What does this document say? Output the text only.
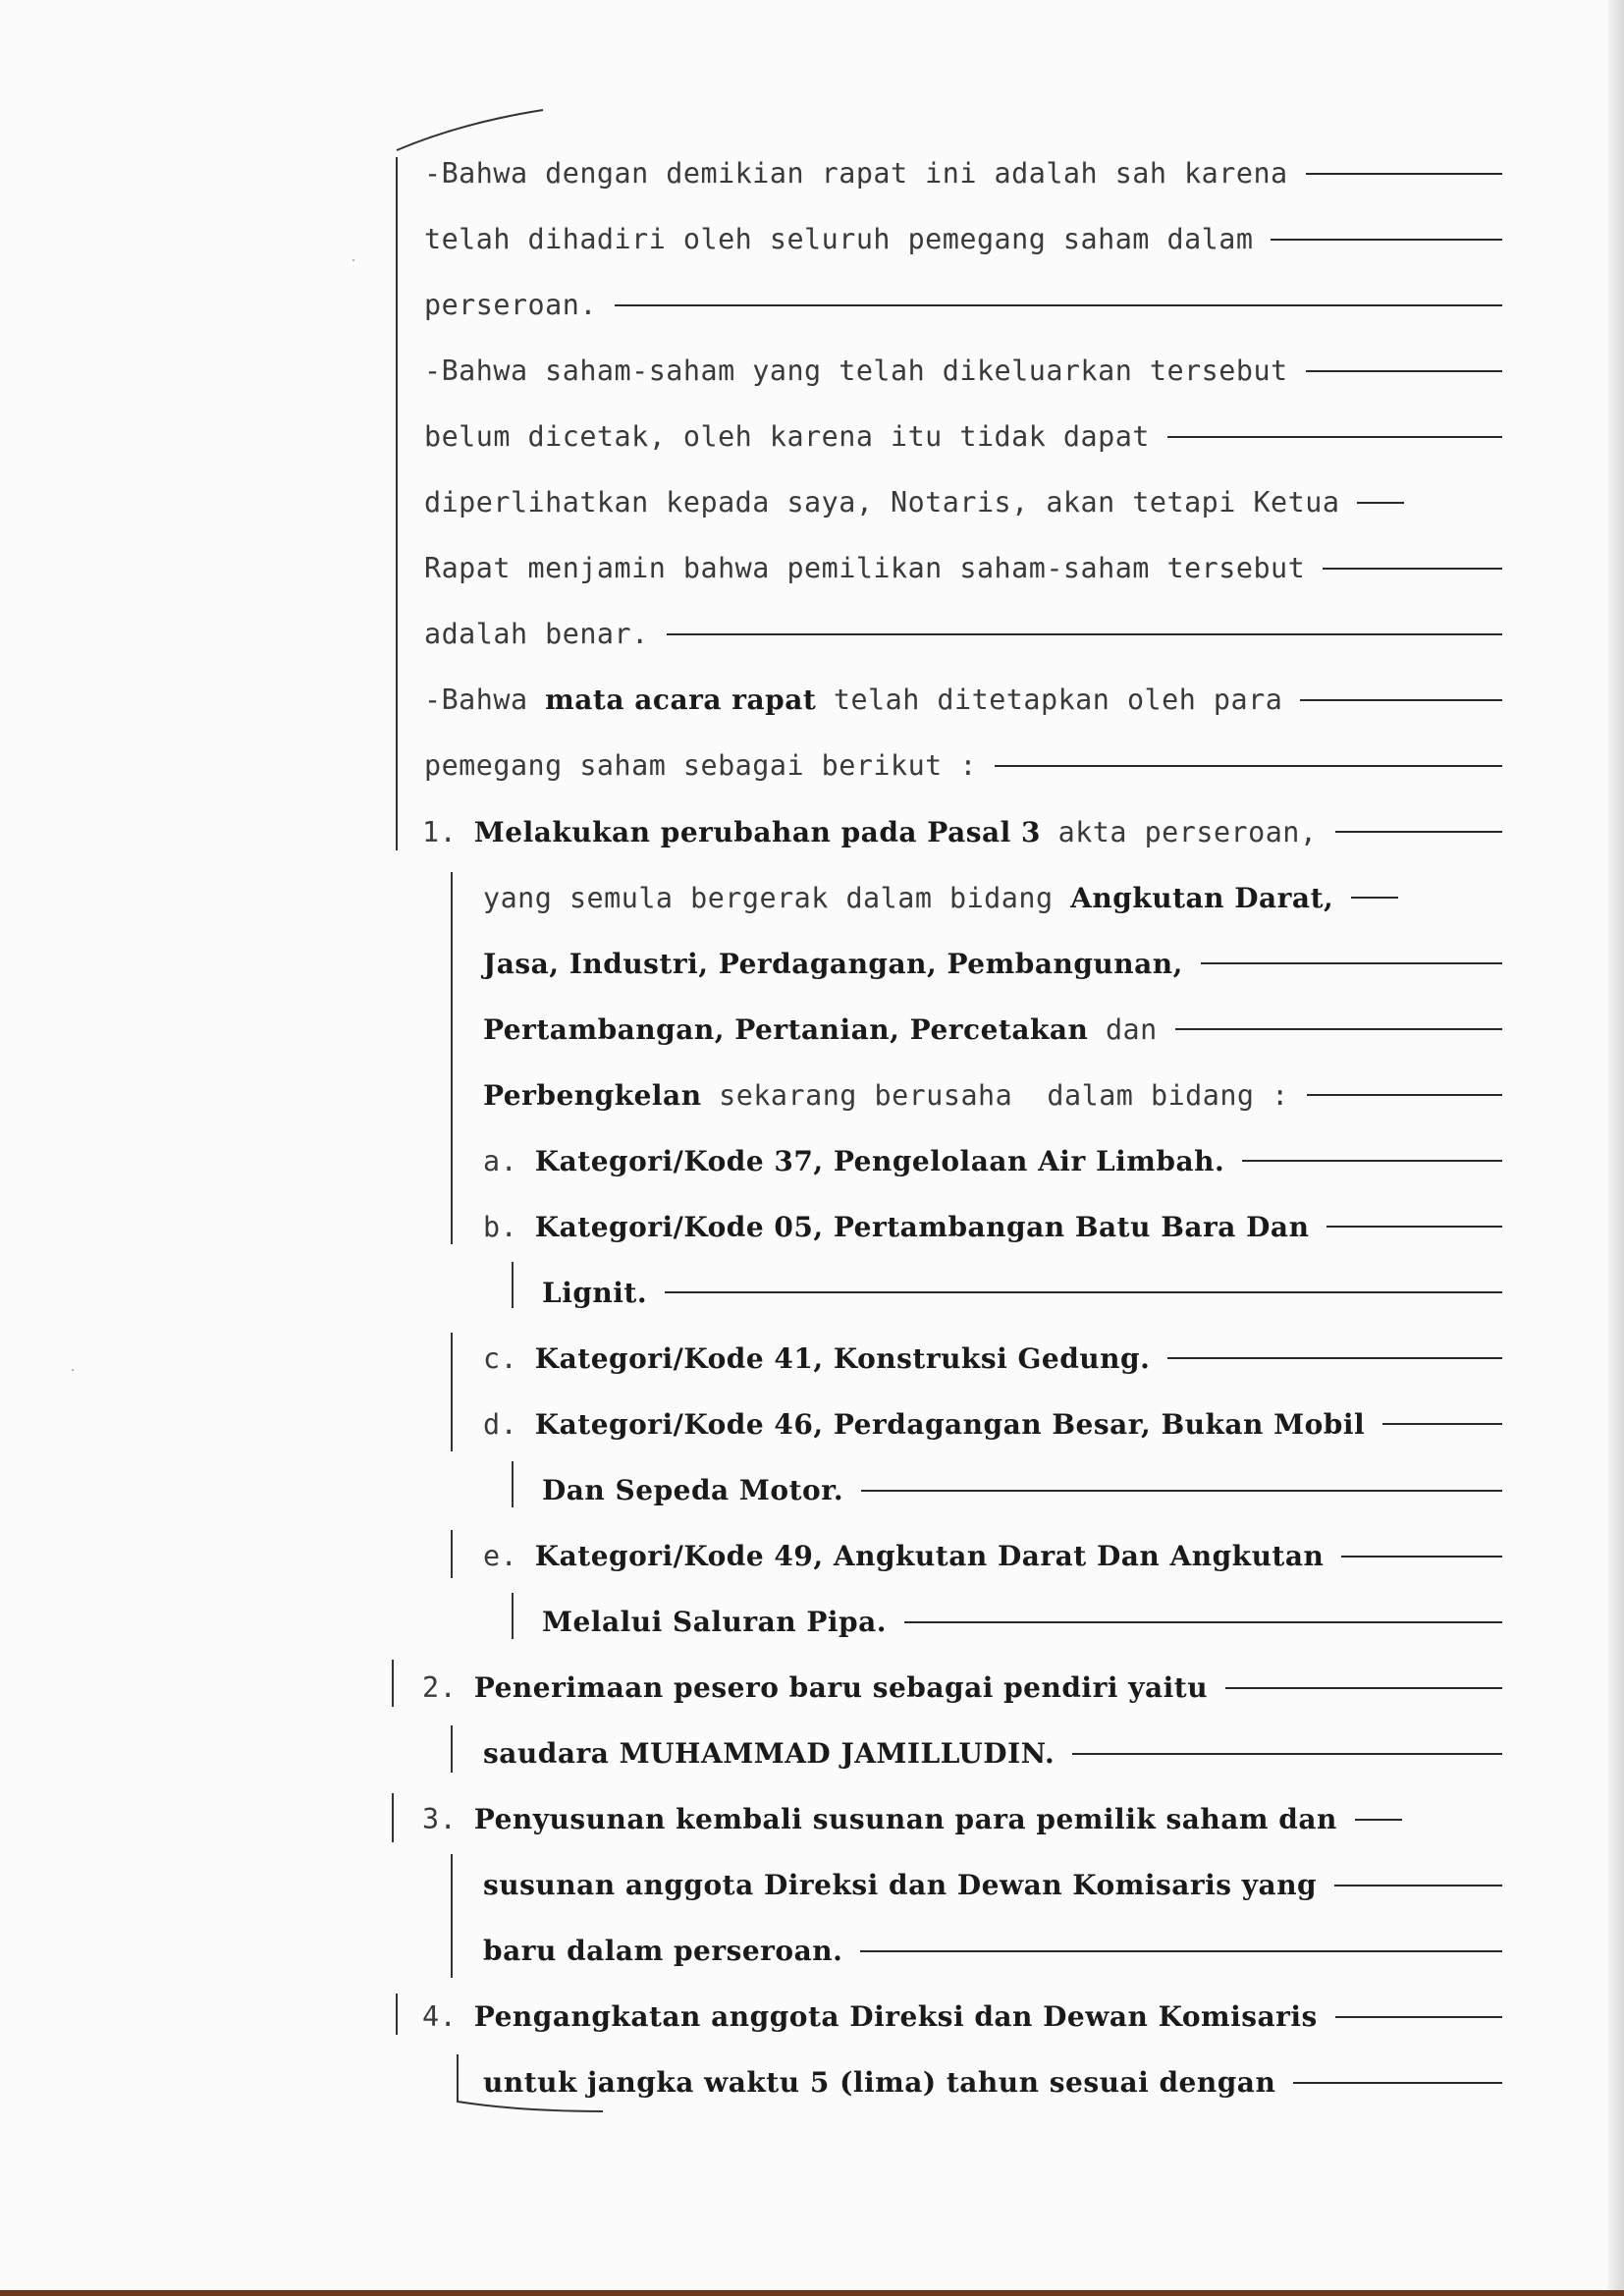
-Bahwa dengan demikian rapat ini adalah sah karena
telah dihadiri oleh seluruh pemegang saham dalam
perseroan.
-Bahwa saham-saham yang telah dikeluarkan tersebut
belum dicetak, oleh karena itu tidak dapat
diperlihatkan kepada saya, Notaris, akan tetapi Ketua
Rapat menjamin bahwa pemilikan saham-saham tersebut
adalah benar.
-Bahwa mata acara rapat telah ditetapkan oleh para
pemegang saham sebagai berikut :
1. Melakukan perubahan pada Pasal 3 akta perseroan,
yang semula bergerak dalam bidang Angkutan Darat,
Jasa, Industri, Perdagangan, Pembangunan,
Pertambangan, Pertanian, Percetakan dan
Perbengkelan sekarang berusaha  dalam bidang :
a. Kategori/Kode 37, Pengelolaan Air Limbah.
b. Kategori/Kode 05, Pertambangan Batu Bara Dan
Lignit.
c. Kategori/Kode 41, Konstruksi Gedung.
d. Kategori/Kode 46, Perdagangan Besar, Bukan Mobil
Dan Sepeda Motor.
e. Kategori/Kode 49, Angkutan Darat Dan Angkutan
Melalui Saluran Pipa.
2. Penerimaan pesero baru sebagai pendiri yaitu
saudara MUHAMMAD JAMILLUDIN.
3. Penyusunan kembali susunan para pemilik saham dan
susunan anggota Direksi dan Dewan Komisaris yang
baru dalam perseroan.
4. Pengangkatan anggota Direksi dan Dewan Komisaris
untuk jangka waktu 5 (lima) tahun sesuai dengan
